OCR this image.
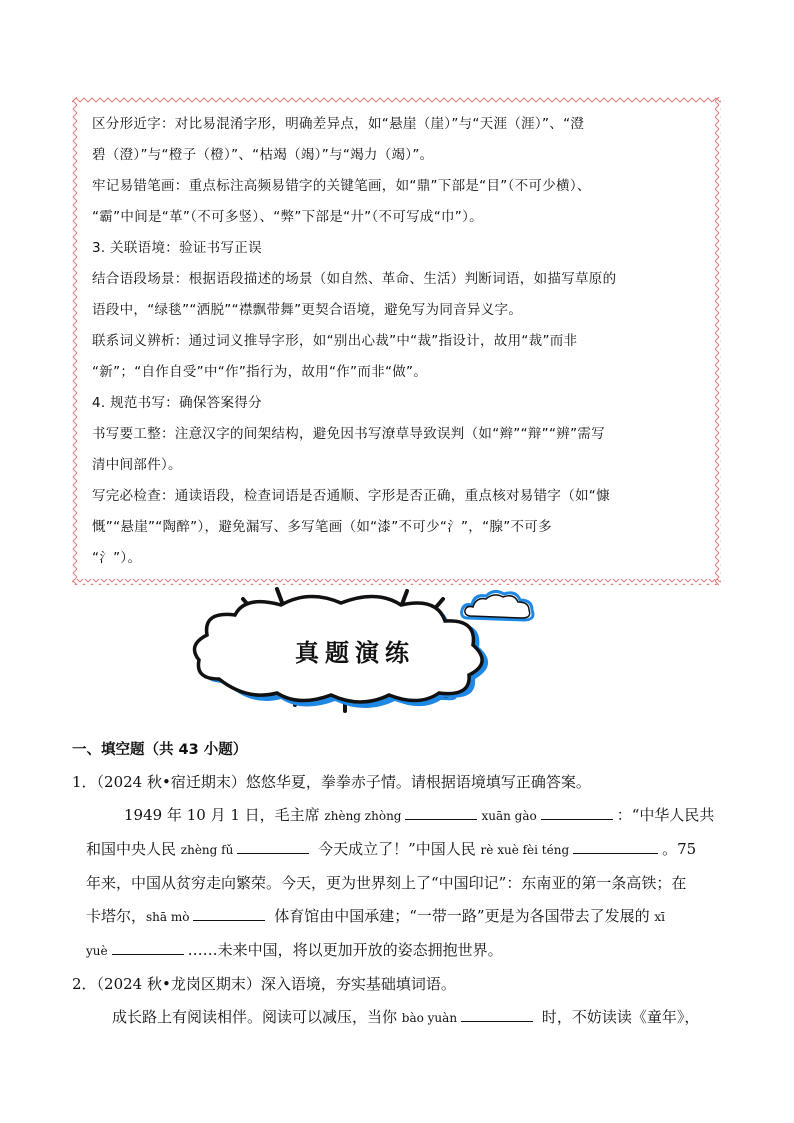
区分形近字：对比易混淆字形，明确差异点，如“悬崖（崖）”与“天涯（涯）”、“澄
碧（澄）”与“橙子（橙）”、“枯竭（竭）”与“竭力（竭）”。
牢记易错笔画：重点标注高频易错字的关键笔画，如“鼎”下部是“目”（不可少横）、
“霸”中间是“革”（不可多竖）、“弊”下部是“廾”（不可写成“巾”）。
3. 关联语境：验证书写正误
结合语段场景：根据语段描述的场景（如自然、革命、生活）判断词语，如描写草原的
语段中，“绿毯”“洒脱”“襟飘带舞”更契合语境，避免写为同音异义字。
联系词义辨析：通过词义推导字形，如“别出心裁”中“裁”指设计，故用“裁”而非
“新”；“自作自受”中“作”指行为，故用“作”而非“做”。
4. 规范书写：确保答案得分
书写要工整：注意汉字的间架结构，避免因书写潦草导致误判（如“辫”“辩”“辨”需写
清中间部件）。
写完必检查：通读语段，检查词语是否通顺、字形是否正确，重点核对易错字（如“慷
慨”“悬崖”“陶醉”），避免漏写、多写笔画（如“漆”不可少“氵”，“腺”不可多
“氵”）。
真题演练
一、填空题（共 43 小题）
1．（2024 秋•宿迁期末）悠悠华夏，拳拳赤子情。请根据语境填写正确答案。
1949 年 10 月 1 日，毛主席 zhèng zhòng	xuān gào	：“中华人民共
和国中央人民 zhèng fǔ	今天成立了！”中国人民 rè xuè fèi téng	。75
年来，中国从贫穷走向繁荣。今天，更为世界刻上了“中国印记”：东南亚的第一条高铁；在
卡塔尔，shā mò	体育馆由中国承建；“一带一路”更是为各国带去了发展的 xī
yuè	……未来中国，将以更加开放的姿态拥抱世界。
2．（2024 秋•龙岗区期末）深入语境，夯实基础填词语。
成长路上有阅读相伴。阅读可以减压，当你 bào yuàn	时，不妨读读《童年》，
